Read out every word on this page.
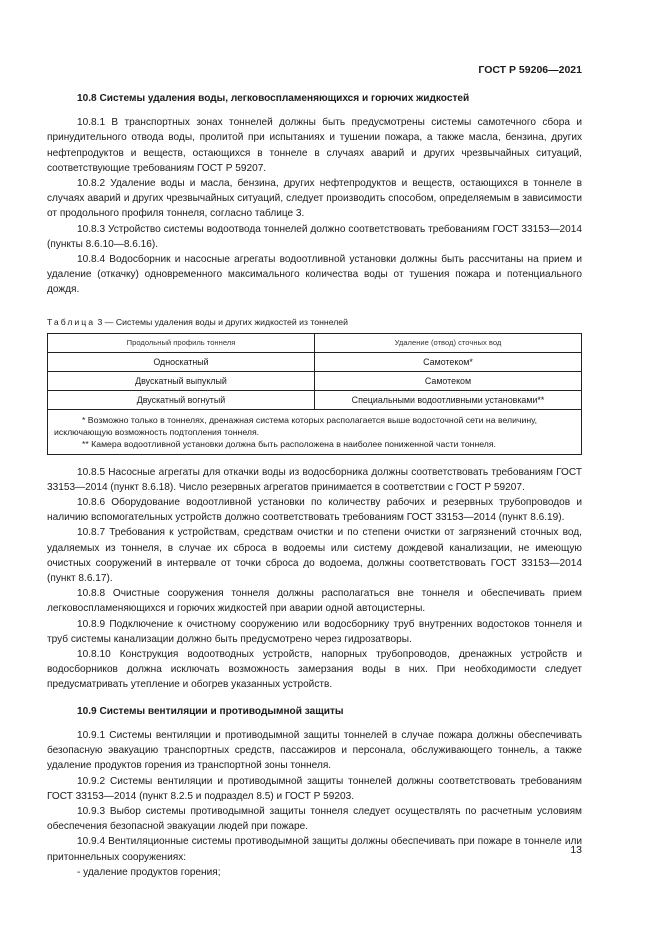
ГОСТ Р 59206—2021

10.8 Системы удаления воды, легковоспламеняющихся и горючих жидкостей

10.8.1 В транспортных зонах тоннелей должны быть предусмотрены системы самотечного сбора и принудительного отвода воды, пролитой при испытаниях и тушении пожара, а также масла, бензина, других нефтепродуктов и веществ, остающихся в тоннеле в случаях аварий и других чрезвычайных ситуаций, соответствующие требованиям ГОСТ Р 59207.

10.8.2 Удаление воды и масла, бензина, других нефтепродуктов и веществ, остающихся в тоннеле в случаях аварий и других чрезвычайных ситуаций, следует производить способом, определяемым в зависимости от продольного профиля тоннеля, согласно таблице 3.

10.8.3 Устройство системы водоотвода тоннелей должно соответствовать требованиям ГОСТ 33153—2014 (пункты 8.6.10—8.6.16).

10.8.4 Водосборник и насосные агрегаты водоотливной установки должны быть рассчитаны на прием и удаление (откачку) одновременного максимального количества воды от тушения пожара и потенциального дождя.

Таблица 3 — Системы удаления воды и других жидкостей из тоннелей
Продольный профиль тоннеля	Удаление (отвод) сточных вод
Односкатный	Самотеком*
Двускатный выпуклый	Самотеком
Двускатный вогнутый	Специальными водоотливными установками**

* Возможно только в тоннелях, дренажная система которых располагается выше водосточной сети на величину, исключающую возможность подтопления тоннеля.

** Камера водоотливной установки должна быть расположена в наиболее пониженной части тоннеля.	

10.8.5 Насосные агрегаты для откачки воды из водосборника должны соответствовать требованиям ГОСТ 33153—2014 (пункт 8.6.18). Число резервных агрегатов принимается в соответствии с ГОСТ Р 59207.

10.8.6 Оборудование водоотливной установки по количеству рабочих и резервных трубопроводов и наличию вспомогательных устройств должно соответствовать требованиям ГОСТ 33153—2014 (пункт 8.6.19).

10.8.7 Требования к устройствам, средствам очистки и по степени очистки от загрязнений сточных вод, удаляемых из тоннеля, в случае их сброса в водоемы или систему дождевой канализации, не имеющую очистных сооружений в интервале от точки сброса до водоема, должны соответствовать ГОСТ 33153—2014 (пункт 8.6.17).

10.8.8 Очистные сооружения тоннеля должны располагаться вне тоннеля и обеспечивать прием легковоспламеняющихся и горючих жидкостей при аварии одной автоцистерны.

10.8.9 Подключение к очистному сооружению или водосборнику труб внутренних водостоков тоннеля и труб системы канализации должно быть предусмотрено через гидрозатворы.

10.8.10 Конструкция водоотводных устройств, напорных трубопроводов, дренажных устройств и водосборников должна исключать возможность замерзания воды в них. При необходимости следует предусматривать утепление и обогрев указанных устройств.

10.9 Системы вентиляции и противодымной защиты

10.9.1 Системы вентиляции и противодымной защиты тоннелей в случае пожара должны обеспечивать безопасную эвакуацию транспортных средств, пассажиров и персонала, обслуживающего тоннель, а также удаление продуктов горения из транспортной зоны тоннеля.

10.9.2 Системы вентиляции и противодымной защиты тоннелей должны соответствовать требованиям ГОСТ 33153—2014 (пункт 8.2.5 и подраздел 8.5) и ГОСТ Р 59203.

10.9.3 Выбор системы противодымной защиты тоннеля следует осуществлять по расчетным условиям обеспечения безопасной эвакуации людей при пожаре.

10.9.4 Вентиляционные системы противодымной защиты должны обеспечивать при пожаре в тоннеле или притоннельных сооружениях:

- удаление продуктов горения;

13
